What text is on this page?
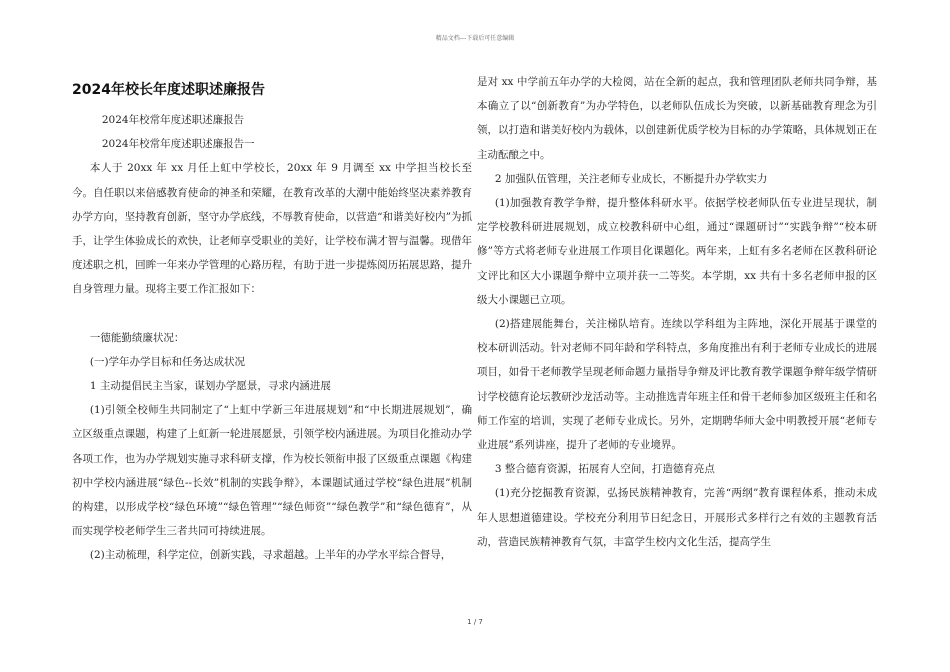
精品文档---下载后可任意编辑
2024年校长年度述职述廉报告

2024年校常年度述职述廉报告

2024年校常年度述职述廉报告一

本人于 20xx 年 xx 月任上虹中学校长，20xx 年 9 月调至 xx 中学担当校长至今。自任职以来倍感教育使命的神圣和荣耀，在教育改革的大潮中能始终坚决素养教育办学方向，坚持教育创新，坚守办学底线，不辱教育使命，以营造“和谐美好校内”为抓手，让学生体验成长的欢快，让老师享受职业的美好，让学校布满才智与温馨。现借年度述职之机，回眸一年来办学管理的心路历程，有助于进一步提炼阅历拓展思路，提升自身管理力量。现将主要工作汇报如下：

一德能勤绩廉状况：

(一)学年办学目标和任务达成状况

1 主动提倡民主当家，谋划办学愿景，寻求内涵进展

(1)引领全校师生共同制定了“上虹中学新三年进展规划”和“中长期进展规划”，确立区级重点课题，构建了上虹新一轮进展愿景，引领学校内涵进展。为项目化推动办学各项工作，也为办学规划实施寻求科研支撑，作为校长领衔申报了区级重点课题《构建初中学校内涵进展“绿色--长效”机制的实践争辩》，本课题试通过学校“绿色进展”机制的构建，以形成学校“绿色环境”“绿色管理”“绿色师资”“绿色教学”和“绿色德育”，从而实现学校老师学生三者共同可持续进展。

(2)主动梳理，科学定位，创新实践，寻求超越。上半年的办学水平综合督导，

是对 xx 中学前五年办学的大检阅，站在全新的起点，我和管理团队老师共同争辩，基本确立了以“创新教育”为办学特色，以老师队伍成长为突破，以新基础教育理念为引领，以打造和谐美好校内为载体，以创建新优质学校为目标的办学策略，具体规划正在主动酝酿之中。

2 加强队伍管理，关注老师专业成长，不断提升办学软实力

(1)加强教育教学争辩，提升整体科研水平。依据学校老师队伍专业进呈现状，制定学校教科研进展规划，成立校教科研中心组，通过“课题研讨”“实践争辩”“校本研修”等方式将老师专业进展工作项目化课题化。两年来，上虹有多名老师在区教科研论文评比和区大小课题争辩中立项并获一二等奖。本学期，xx 共有十多名老师申报的区级大小课题已立项。

(2)搭建展能舞台，关注梯队培育。连续以学科组为主阵地，深化开展基于课堂的校本研训活动。针对老师不同年龄和学科特点，多角度推出有利于老师专业成长的进展项目，如骨干老师教学呈现老师命题力量指导争辩及评比教育教学课题争辩年级学情研讨学校德育论坛教研沙龙活动等。主动推选青年班主任和骨干老师参加区级班主任和名师工作室的培训，实现了老师专业成长。另外，定期聘华师大金中明教授开展“老师专业进展”系列讲座，提升了老师的专业境界。

3 整合德育资源，拓展育人空间，打造德育亮点

(1)充分挖掘教育资源，弘扬民族精神教育，完善“两纲”教育课程体系，推动未成年人思想道德建设。学校充分利用节日纪念日，开展形式多样行之有效的主题教育活动，营造民族精神教育气氛，丰富学生校内文化生活，提高学生

1 / 7
